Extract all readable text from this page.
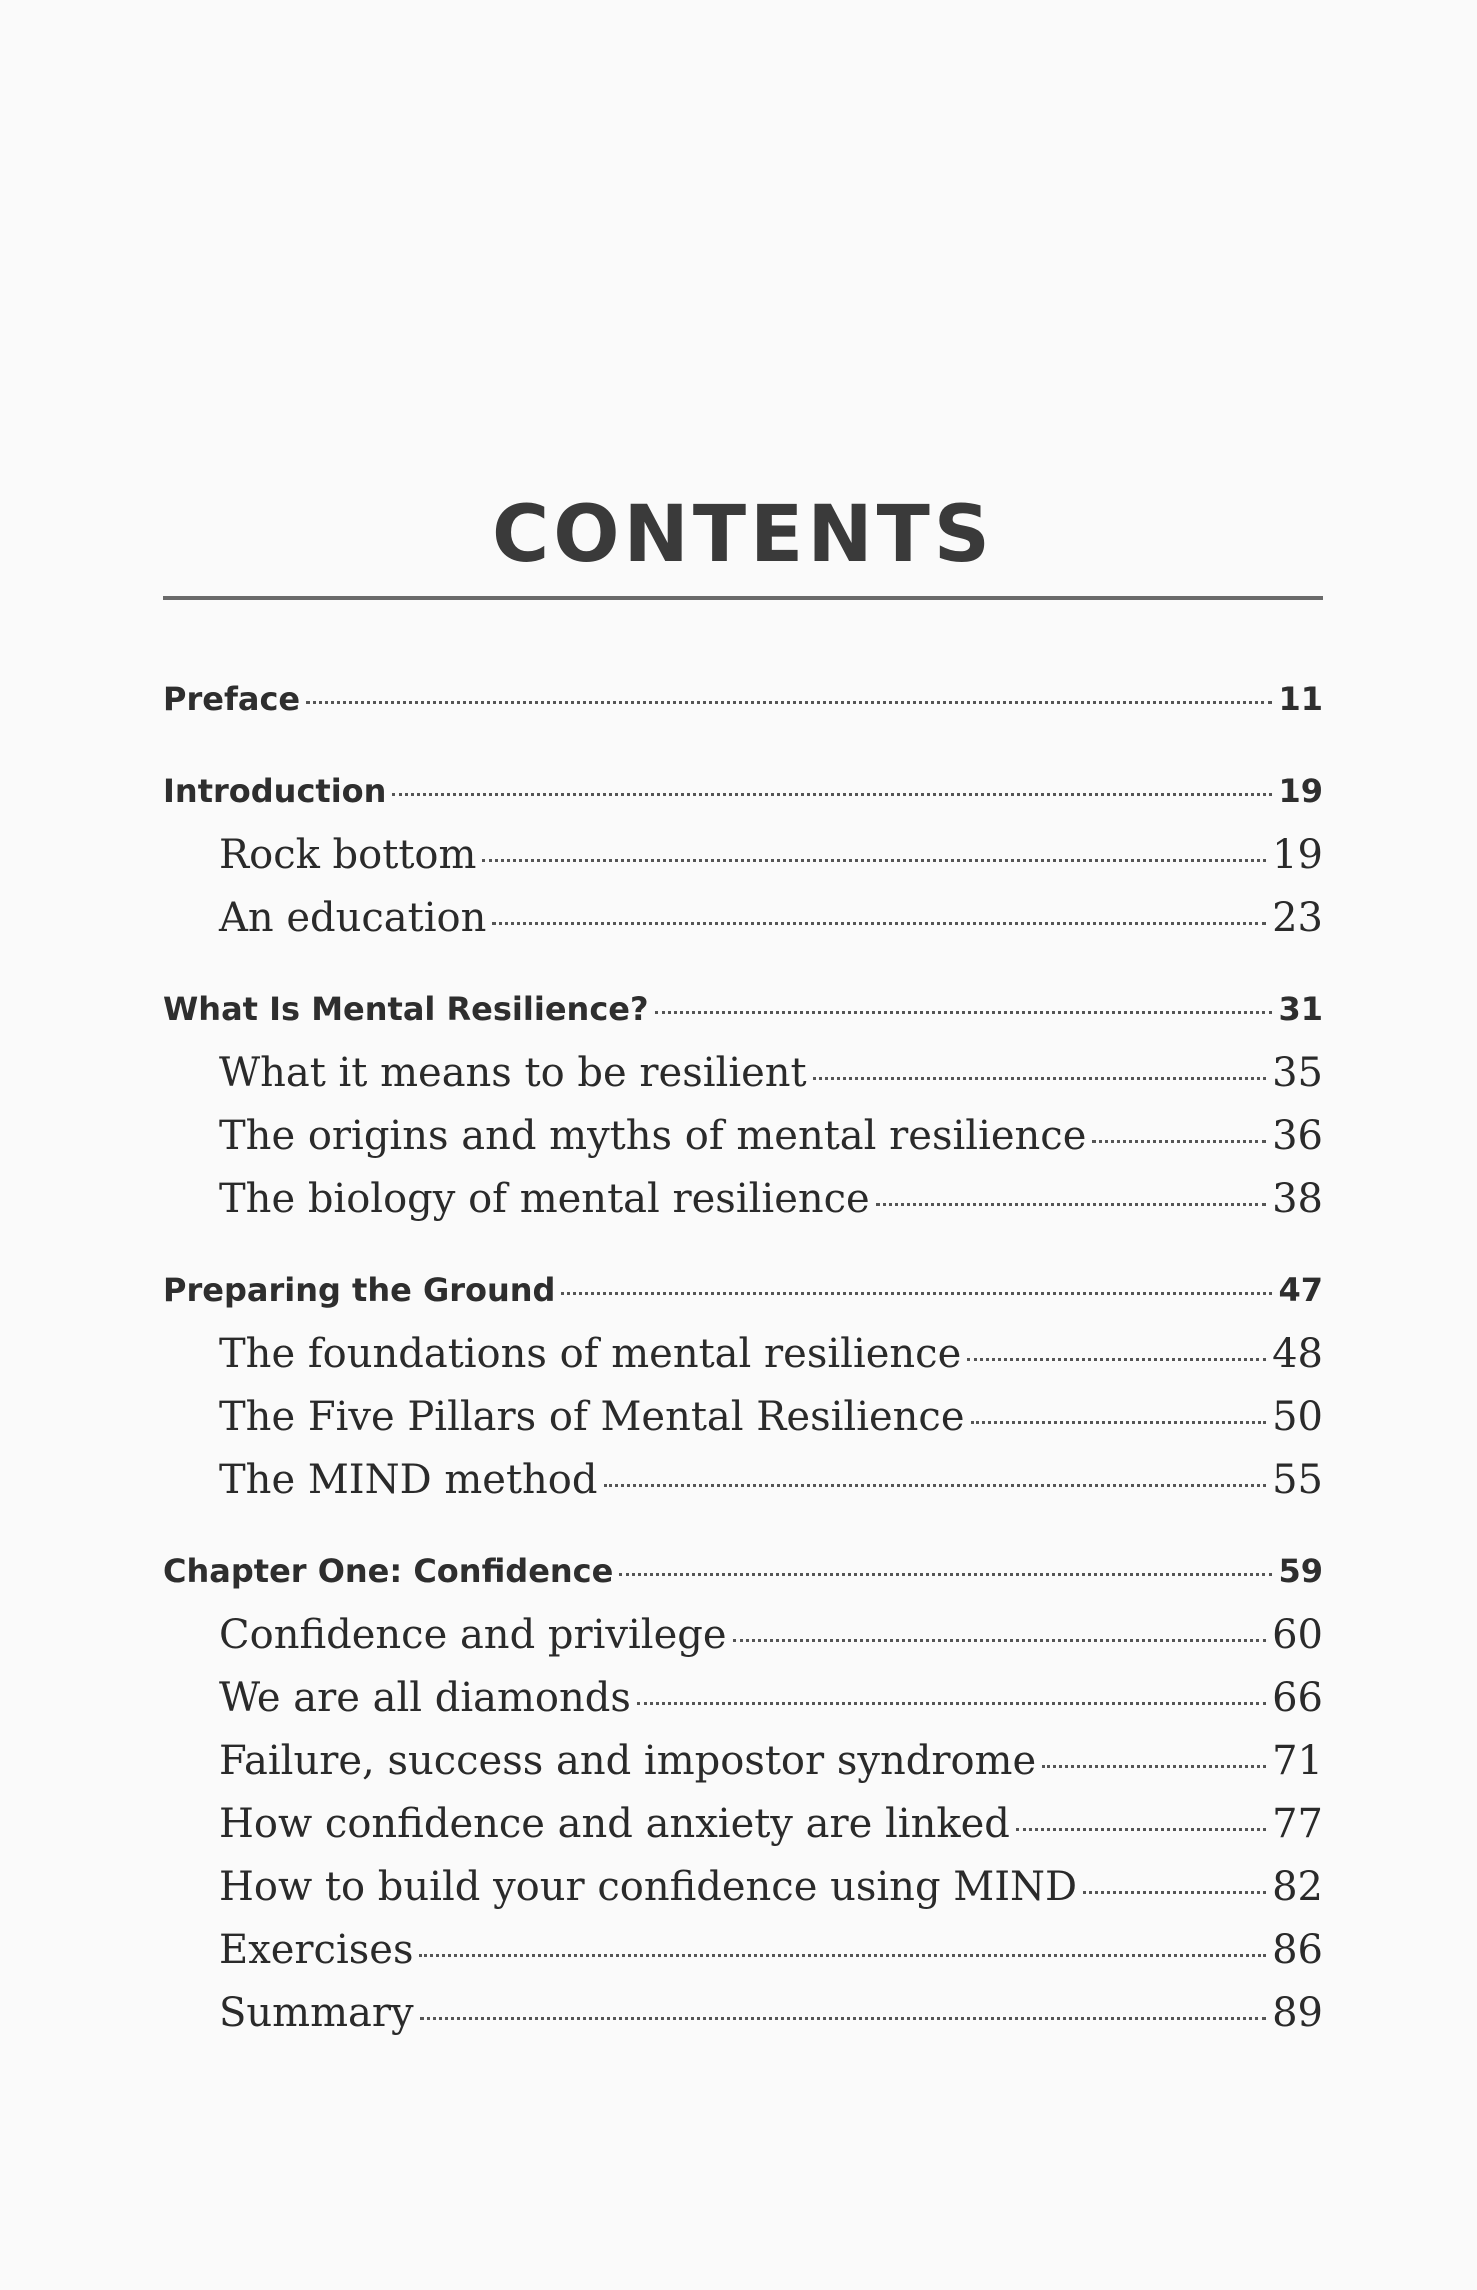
CONTENTS
Preface	11
Introduction	19
Rock bottom	19
An education	23
What Is Mental Resilience?	31
What it means to be resilient	35
The origins and myths of mental resilience	36
The biology of mental resilience	38
Preparing the Ground	47
The foundations of mental resilience	48
The Five Pillars of Mental Resilience	50
The MIND method	55
Chapter One: Confidence	59
Confidence and privilege	60
We are all diamonds	66
Failure, success and impostor syndrome	71
How confidence and anxiety are linked	77
How to build your confidence using MIND	82
Exercises	86
Summary	89
